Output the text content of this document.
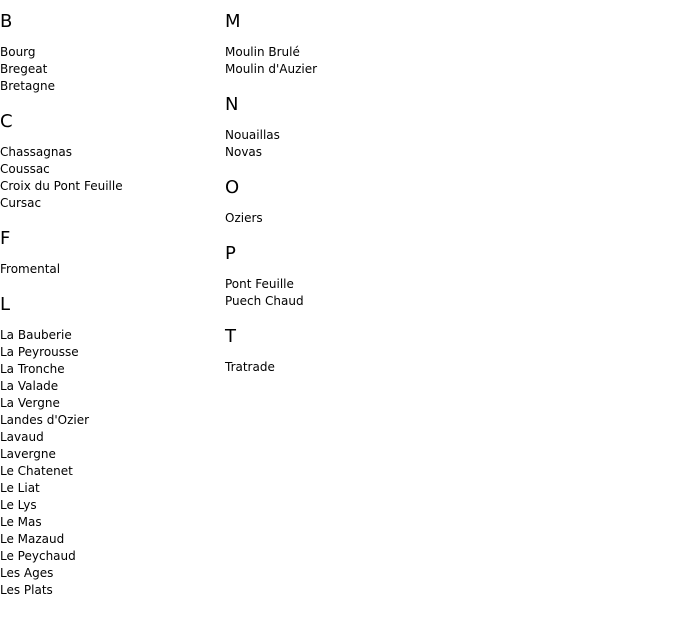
B
Bourg
Bregeat
Bretagne
C
Chassagnas
Coussac
Croix du Pont Feuille
Cursac
F
Fromental
L
La Bauberie
La Peyrousse
La Tronche
La Valade
La Vergne
Landes d'Ozier
Lavaud
Lavergne
Le Chatenet
Le Liat
Le Lys
Le Mas
Le Mazaud
Le Peychaud
Les Ages
Les Plats
M
Moulin Brulé
Moulin d'Auzier
N
Nouaillas
Novas
O
Oziers
P
Pont Feuille
Puech Chaud
T
Tratrade
